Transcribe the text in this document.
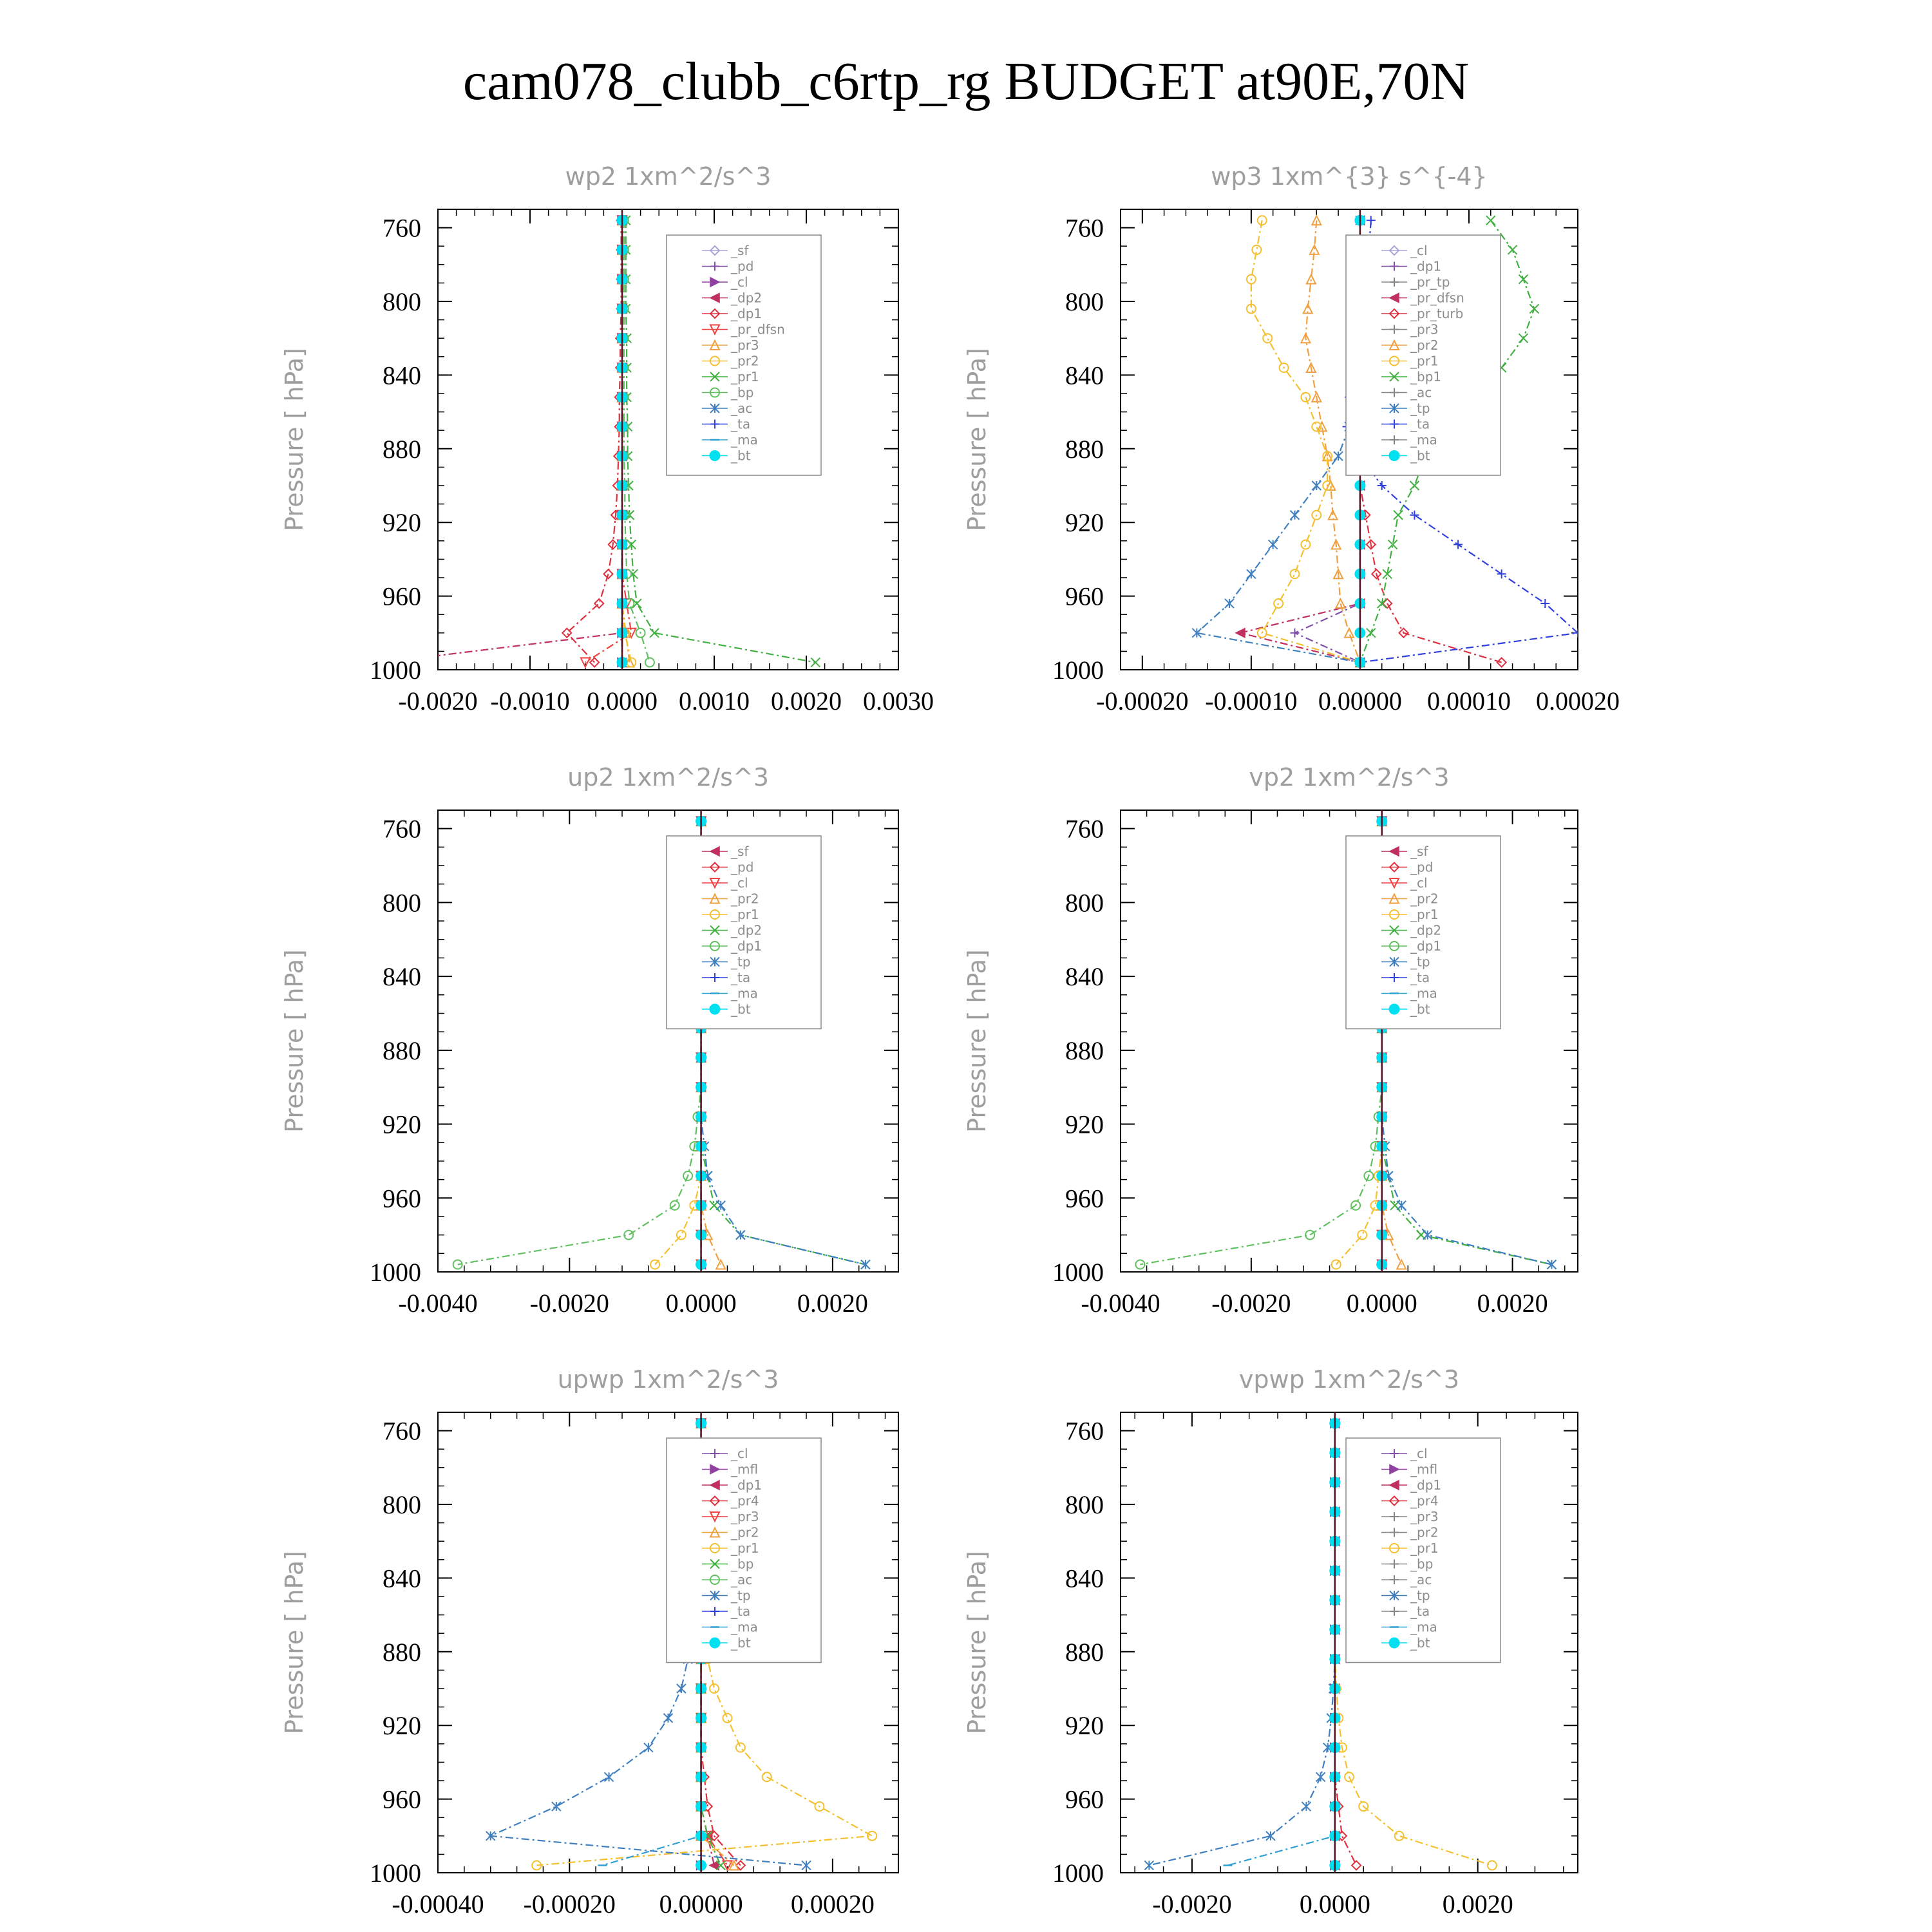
cam078_clubb_c6rtp_rg BUDGET at90E,70N
wp2 1xm^2/s^3
Pressure [ hPa]
760
800
840
880
920
960
1000
-0.0020 -0.0010 0.0000 0.0010 0.0020 0.0030
_sf
_pd
_cl
_dp2
_dp1
_pr_dfsn
_pr3
_pr2
_pr1
_bp
_ac
_ta
_ma
_bt
wp3 1xm^{3} s^{-4}
Pressure [ hPa]
760
800
840
880
920
960
1000
-0.00020 -0.00010 0.00000 0.00010 0.00020
_cl
_dp1
_pr_tp
_pr_dfsn
_pr_turb
_pr3
_pr2
_pr1
_bp1
_ac
_tp
_ta
_ma
_bt
up2 1xm^2/s^3
Pressure [ hPa]
760
800
840
880
920
960
1000
-0.0040 -0.0020 0.0000 0.0020
_sf
_pd
_cl
_pr2
_pr1
_dp2
_dp1
_tp
_ta
_ma
_bt
vp2 1xm^2/s^3
Pressure [ hPa]
760
800
840
880
920
960
1000
-0.0040 -0.0020 0.0000 0.0020
_sf
_pd
_cl
_pr2
_pr1
_dp2
_dp1
_tp
_ta
_ma
_bt
upwp 1xm^2/s^3
Pressure [ hPa]
760
800
840
880
920
960
1000
-0.00040 -0.00020 0.00000 0.00020
_cl
_mfl
_dp1
_pr4
_pr3
_pr2
_pr1
_bp
_ac
_tp
_ta
_ma
_bt
vpwp 1xm^2/s^3
Pressure [ hPa]
760
800
840
880
920
960
1000
-0.0020	0.0000	0.0020
_cl
_mfl
_dp1
_pr4
_pr3
_pr2
_pr1
_bp
_ac
_tp
_ta
_ma
_bt
